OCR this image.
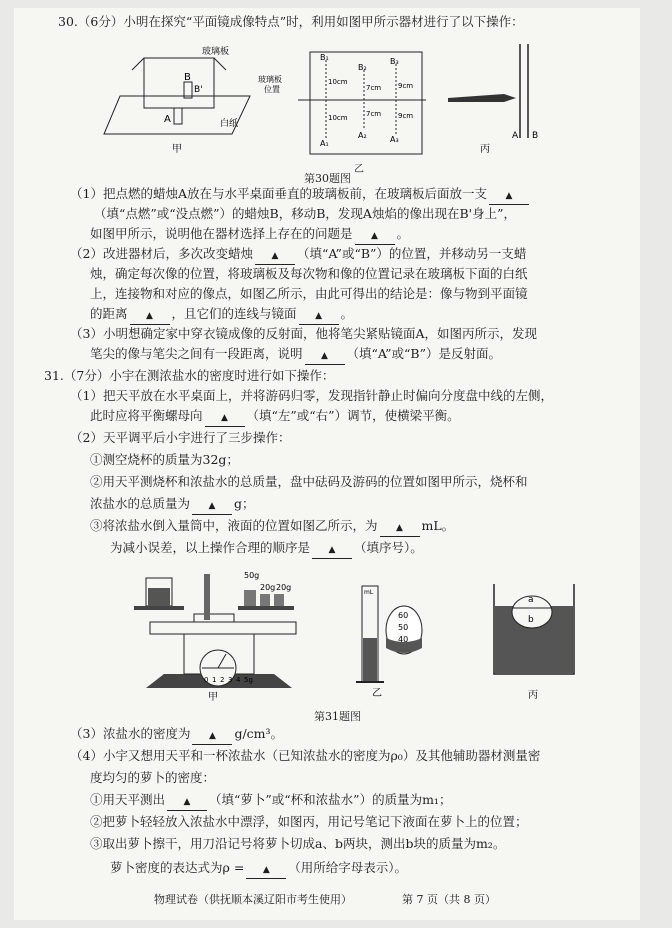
30.（6分）小明在探究“平面镜成像特点”时，利用如图甲所示器材进行了以下操作：
玻璃板
B
B'
A	白纸
甲
玻璃板
位置
B₁
B₂
B₃
A₁
A₂	A₃
10cm
10cm
7cm
7cm
9cm
9cm
A B
丙
乙
第30题图
（1）把点燃的蜡烛A放在与水平桌面垂直的玻璃板前，在玻璃板后面放一支 ▲
（填“点燃”或“没点燃”）的蜡烛B，移动B，发现A烛焰的像出现在B'身上”，
如图甲所示，说明他在器材选择上存在的问题是 ▲ 。
（2）改进器材后，多次改变蜡烛 ▲ （填“A”或“B”）的位置，并移动另一支蜡
烛，确定每次像的位置，将玻璃板及每次物和像的位置记录在玻璃板下面的白纸
上，连接物和对应的像点，如图乙所示，由此可得出的结论是：像与物到平面镜
的距离 ▲ ，且它们的连线与镜面 ▲ 。
（3）小明想确定家中穿衣镜成像的反射面，他将笔尖紧贴镜面A，如图丙所示，发现
笔尖的像与笔尖之间有一段距离，说明 ▲ （填“A”或“B”）是反射面。
31.（7分）小宇在测浓盐水的密度时进行如下操作：
（1）把天平放在水平桌面上，并将游码归零，发现指针静止时偏向分度盘中线的左侧，
此时应将平衡螺母向 ▲ （填“左”或“右”）调节，使横梁平衡。
（2）天平调平后小宇进行了三步操作：
①测空烧杯的质量为32g；
②用天平测烧杯和浓盐水的总质量，盘中砝码及游码的位置如图甲所示，烧杯和
浓盐水的总质量为 ▲ g；
③将浓盐水倒入量筒中，液面的位置如图乙所示，为 ▲ mL。
为减小误差，以上操作合理的顺序是 ▲ （填序号）。
50g
20g 20g
0 1 2 3 4 5g
甲
mL
60
50
40
乙
a
b
丙
第31题图
（3）浓盐水的密度为 ▲ g/cm³。
（4）小宇又想用天平和一杯浓盐水（已知浓盐水的密度为ρ₀）及其他辅助器材测量密
度均匀的萝卜的密度：
①用天平测出 ▲ （填“萝卜”或“杯和浓盐水”）的质量为m₁；
②把萝卜轻轻放入浓盐水中漂浮，如图丙，用记号笔记下液面在萝卜上的位置；
③取出萝卜擦干，用刀沿记号将萝卜切成a、b两块，测出b块的质量为m₂。
萝卜密度的表达式为ρ = ▲ （用所给字母表示）。
物理试卷（供抚顺本溪辽阳市考生使用）	第 7 页（共 8 页）
